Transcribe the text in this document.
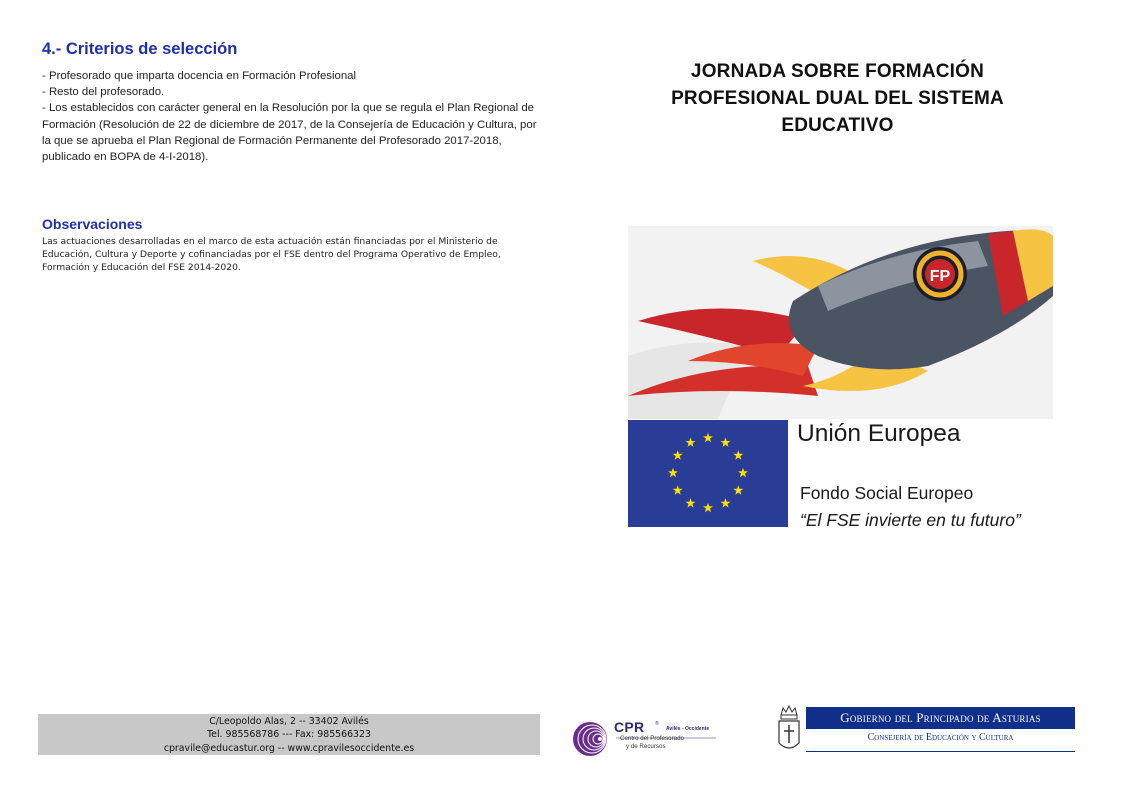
4.- Criterios de selección
- Profesorado que imparta docencia en Formación Profesional
- Resto del profesorado.
- Los establecidos con carácter general en la Resolución por la que se regula el Plan Regional de Formación (Resolución de 22 de diciembre de 2017, de la Consejería de Educación y Cultura, por la que se aprueba el Plan Regional de Formación Permanente del Profesorado 2017-2018, publicado en BOPA de 4-I-2018).
Observaciones
Las actuaciones desarrolladas en el marco de esta actuación están financiadas por el Ministerio de Educación, Cultura y Deporte y cofinanciadas por el FSE dentro del Programa Operativo de Empleo, Formación y Educación del FSE 2014-2020.
C/Leopoldo Alas, 2 -- 33402 Avilés
Tel. 985568786 --- Fax: 985566323
cpravile@educastur.org -- www.cpravilesoccidente.es
CPR ®
Avilés - Occidente
Centro del Profesorado
y de Recursos
Gobierno del Principado de Asturias
Consejería de Educación y Cultura
JORNADA SOBRE FORMACIÓN PROFESIONAL DUAL DEL SISTEMA EDUCATIVO
FP
Unión Europea
Fondo Social Europeo
“El FSE invierte en tu futuro”
